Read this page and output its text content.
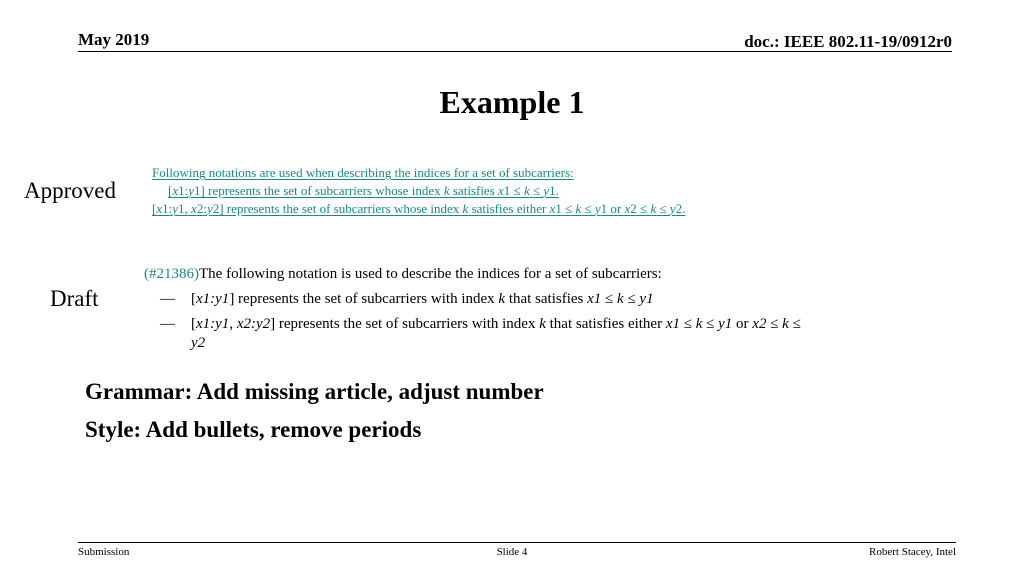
May 2019	doc.: IEEE 802.11-19/0912r0
Example 1
Approved
Following notations are used when describing the indices for a set of subcarriers:
[x1:y1] represents the set of subcarriers whose index k satisfies x1 ≤ k ≤ y1.
[x1:y1, x2:y2] represents the set of subcarriers whose index k satisfies either x1 ≤ k ≤ y1 or x2 ≤ k ≤ y2.
Draft
(#21386)The following notation is used to describe the indices for a set of subcarriers:
— [x1:y1] represents the set of subcarriers with index k that satisfies x1 ≤ k ≤ y1
— [x1:y1, x2:y2] represents the set of subcarriers with index k that satisfies either x1 ≤ k ≤ y1 or x2 ≤ k ≤
y2
Grammar: Add missing article, adjust number
Style: Add bullets, remove periods
Submission	Slide 4	Robert Stacey, Intel
